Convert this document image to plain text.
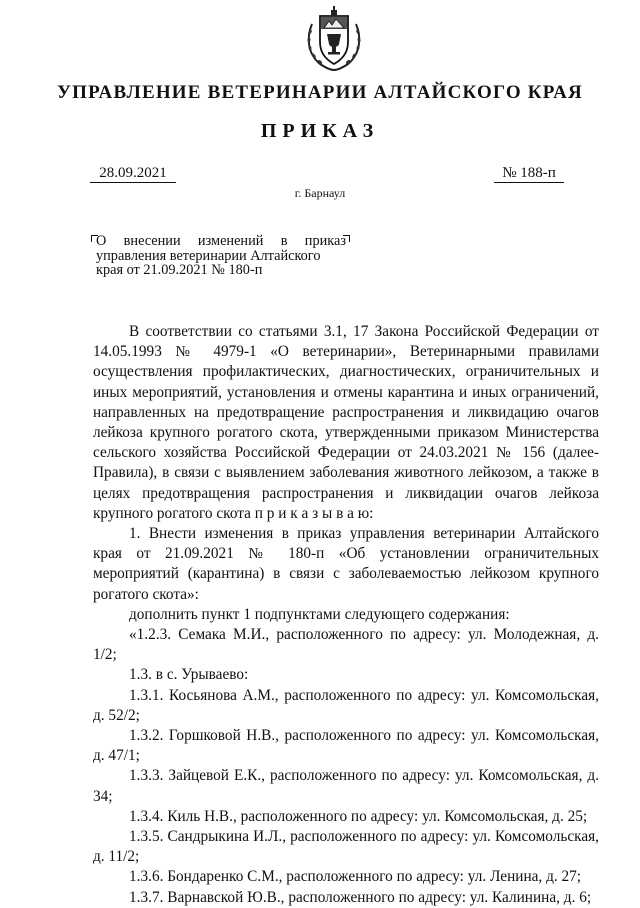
УПРАВЛЕНИЕ ВЕТЕРИНАРИИ АЛТАЙСКОГО КРАЯ
ПРИКАЗ
28.09.2021	№ 188-п
г. Барнаул
О внесении изменений в приказ
управления ветеринарии Алтайского
края от 21.09.2021 № 180-п

В соответствии со статьями 3.1, 17 Закона Российской Федерации от 14.05.1993 № 4979-1 «О ветеринарии», Ветеринарными правилами осуществления профилактических, диагностических, ограничительных и иных мероприятий, установления и отмены карантина и иных ограничений, направленных на предотвращение распространения и ликвидацию очагов лейкоза крупного рогатого скота, утвержденными приказом Министерства сельского хозяйства Российской Федерации от 24.03.2021 № 156 (далее-Правила), в связи с выявлением заболевания животного лейкозом, а также в целях предотвращения распространения и ликвидации очагов лейкоза крупного рогатого скота п р и к а з ы в а ю:

1. Внести изменения в приказ управления ветеринарии Алтайского края от 21.09.2021 № 180-п «Об установлении ограничительных мероприятий (карантина) в связи с заболеваемостью лейкозом крупного рогатого скота»:

дополнить пункт 1 подпунктами следующего содержания:

«1.2.3. Семака М.И., расположенного по адресу: ул. Молодежная, д. 1/2;

1.3. в с. Урываево:

1.3.1. Косьянова А.М., расположенного по адресу: ул. Комсомольская, д. 52/2;

1.3.2. Горшковой Н.В., расположенного по адресу: ул. Комсомольская, д. 47/1;

1.3.3. Зайцевой Е.К., расположенного по адресу: ул. Комсомольская, д. 34;

1.3.4. Киль Н.В., расположенного по адресу: ул. Комсомольская, д. 25;

1.3.5. Сандрыкина И.Л., расположенного по адресу: ул. Комсомольская, д. 11/2;

1.3.6. Бондаренко С.М., расположенного по адресу: ул. Ленина, д. 27;

1.3.7. Варнавской Ю.В., расположенного по адресу: ул. Калинина, д. 6;
